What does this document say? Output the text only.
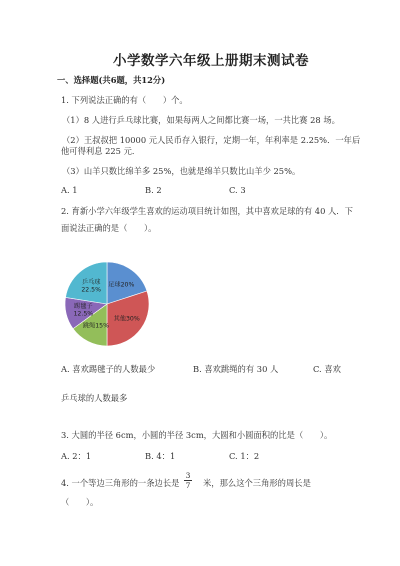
小学数学六年级上册期末测试卷
一、选择题(共6题，共12分)
1. 下列说法正确的有（　　）个。
（1）8 人进行乒乓球比赛，如果每两人之间都比赛一场，一共比赛 28 场。
（2）王叔叔把 10000 元人民币存入银行，定期一年，年利率是 2.25%．一年后
他可得利息 225 元．
（3）山羊只数比绵羊多 25%，也就是绵羊只数比山羊少 25%。
A. 1	B. 2	C. 3
2. 育新小学六年级学生喜欢的运动项目统计如图，其中喜欢足球的有 40 人．下
面说法正确的是（　　）。
足球20%
其他30%
跳绳15%
踢毽子 12.5%
乒乓球 22.5%
A. 喜欢踢毽子的人数最少	B. 喜欢跳绳的有 30 人	C. 喜欢
乒乓球的人数最多
3. 大圆的半径 6cm，小圆的半径 3cm，大圆和小圆面积的比是（　　）。
A. 2：1	B. 4：1	C. 1：2
4. 一个等边三角形的一条边长是
3
7	米，那么这个三角形的周长是
（　　）。
